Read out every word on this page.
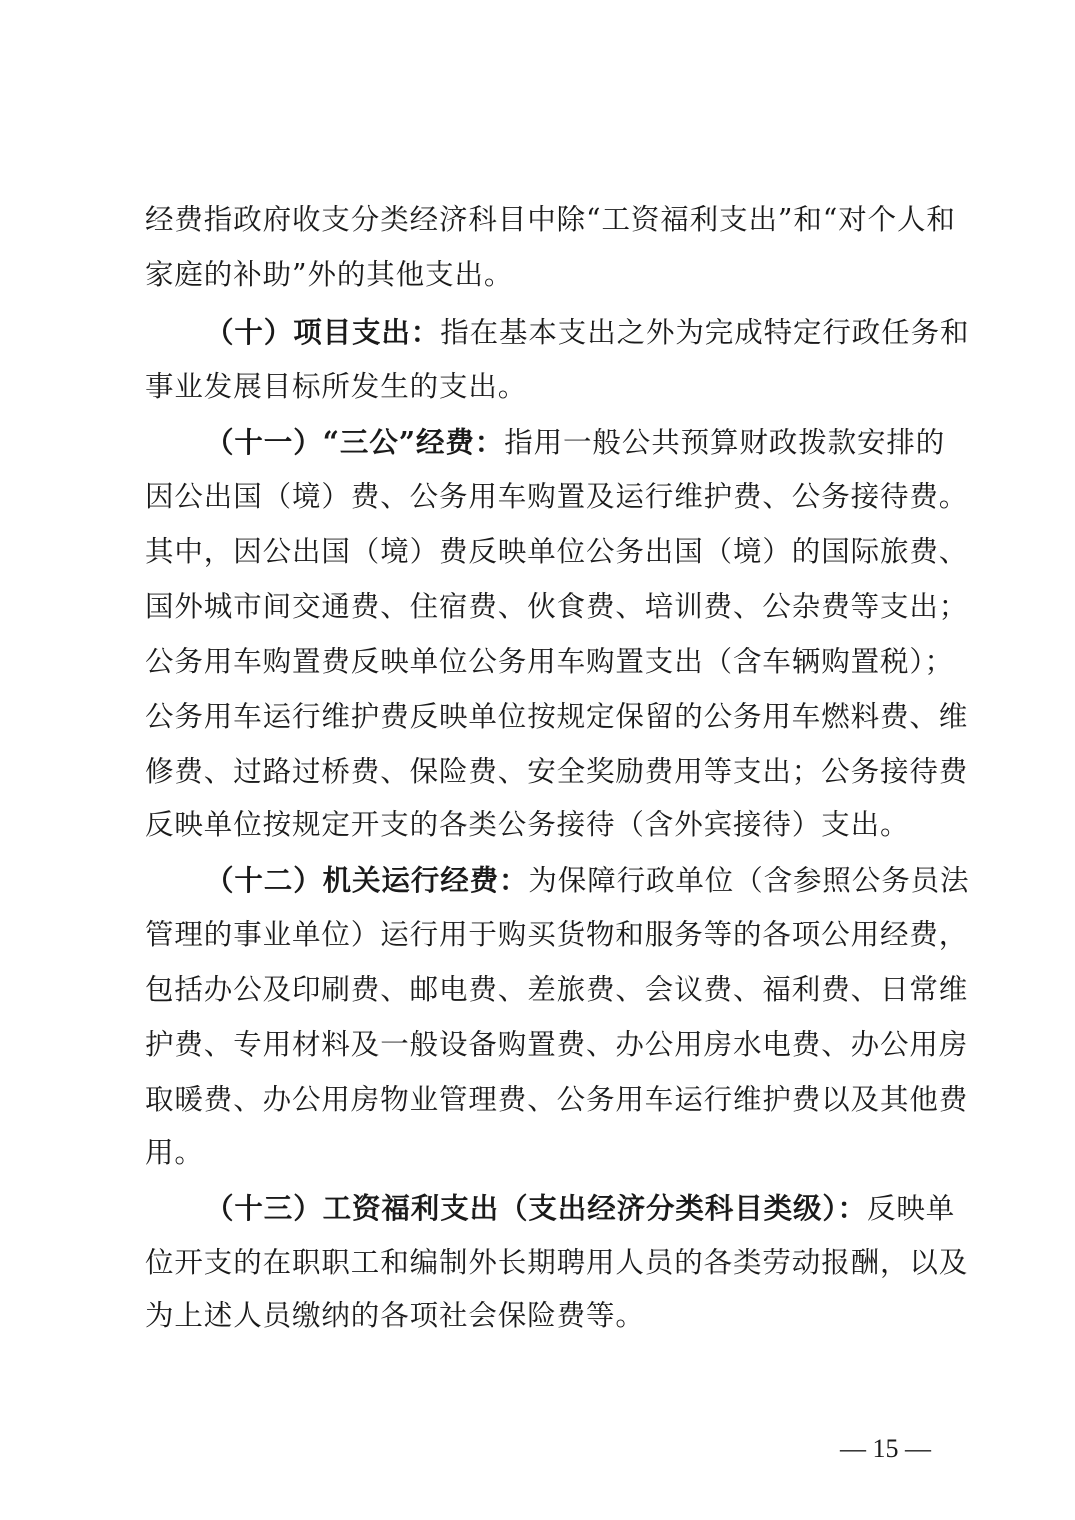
经费指政府收支分类经济科目中除“工资福利支出”和“对个人和
家庭的补助”外的其他支出。
（十）项目支出：指在基本支出之外为完成特定行政任务和
事业发展目标所发生的支出。
（十一）“三公”经费：指用一般公共预算财政拨款安排的
因公出国（境）费、公务用车购置及运行维护费、公务接待费。
其中，因公出国（境）费反映单位公务出国（境）的国际旅费、
国外城市间交通费、住宿费、伙食费、培训费、公杂费等支出；
公务用车购置费反映单位公务用车购置支出（含车辆购置税）；
公务用车运行维护费反映单位按规定保留的公务用车燃料费、维
修费、过路过桥费、保险费、安全奖励费用等支出；公务接待费
反映单位按规定开支的各类公务接待（含外宾接待）支出。
（十二）机关运行经费：为保障行政单位（含参照公务员法
管理的事业单位）运行用于购买货物和服务等的各项公用经费，
包括办公及印刷费、邮电费、差旅费、会议费、福利费、日常维
护费、专用材料及一般设备购置费、办公用房水电费、办公用房
取暖费、办公用房物业管理费、公务用车运行维护费以及其他费
用。
（十三）工资福利支出（支出经济分类科目类级）：反映单
位开支的在职职工和编制外长期聘用人员的各类劳动报酬，以及
为上述人员缴纳的各项社会保险费等。
— 15 —
